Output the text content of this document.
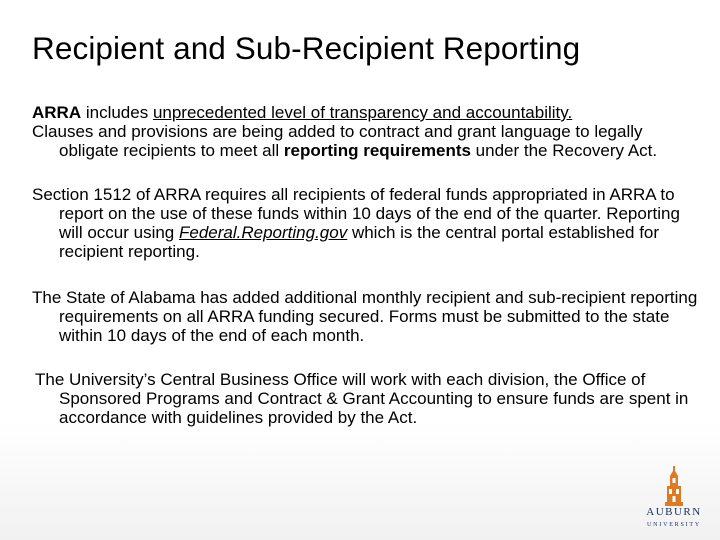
Recipient and Sub-Recipient Reporting

ARRA includes unprecedented level of transparency and accountability.

Clauses and provisions are being added to contract and grant language to legally obligate recipients to meet all reporting requirements under the Recovery Act.

Section 1512 of ARRA requires all recipients of federal funds appropriated in ARRA to report on the use of these funds within 10 days of the end of the quarter. Reporting will occur using Federal.Reporting.gov which is the central portal established for recipient reporting.

The State of Alabama has added additional monthly recipient and sub-recipient reporting requirements on all ARRA funding secured. Forms must be submitted to the state within 10 days of the end of each month.

The University’s Central Business Office will work with each division, the Office of Sponsored Programs and Contract & Grant Accounting to ensure funds are spent in accordance with guidelines provided by the Act.

AUBURN
UNIVERSITY
